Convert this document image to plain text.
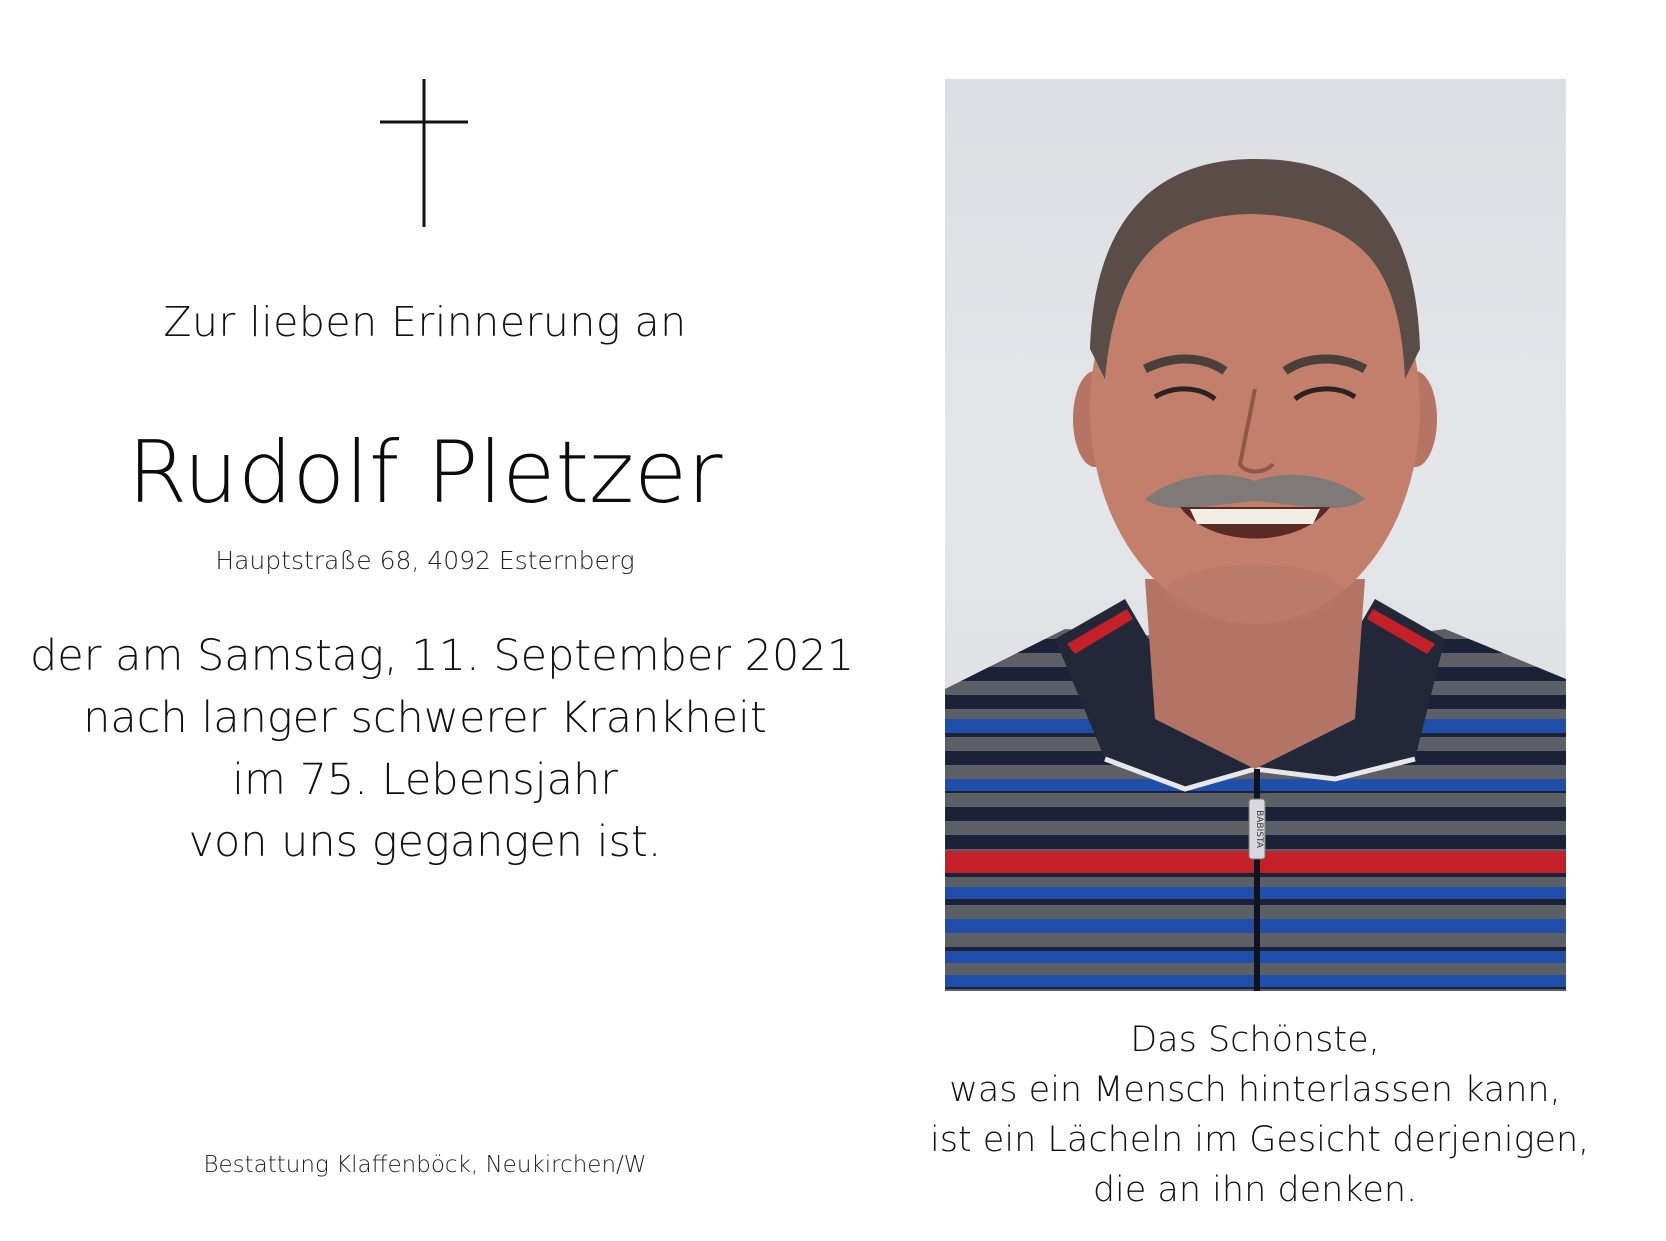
Zur lieben Erinnerung an

Rudolf Pletzer

Hauptstraße 68, 4092 Esternberg

der am Samstag, 11. September 2021
nach langer schwerer Krankheit
im 75. Lebensjahr
von uns gegangen ist.

Bestattung Klaffenböck, Neukirchen/W

BABISTA
Das Schönste,
was ein Mensch hinterlassen kann,
ist ein Lächeln im Gesicht derjenigen,
die an ihn denken.
